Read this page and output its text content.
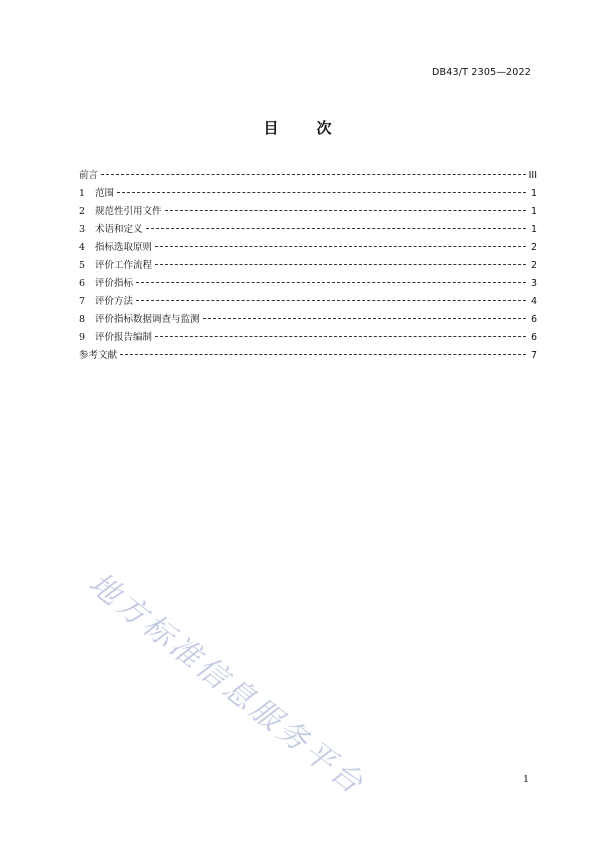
DB43/T 2305—2022
目	次
前言	III
1	范围	1
2	规范性引用文件	1
3	术语和定义	1
4	指标选取原则	2
5	评价工作流程	2
6	评价指标	3
7	评价方法	4
8	评价指标数据调查与监测	6
9	评价报告编制	6
参考文献	7
地方标准信息服务平台	1
